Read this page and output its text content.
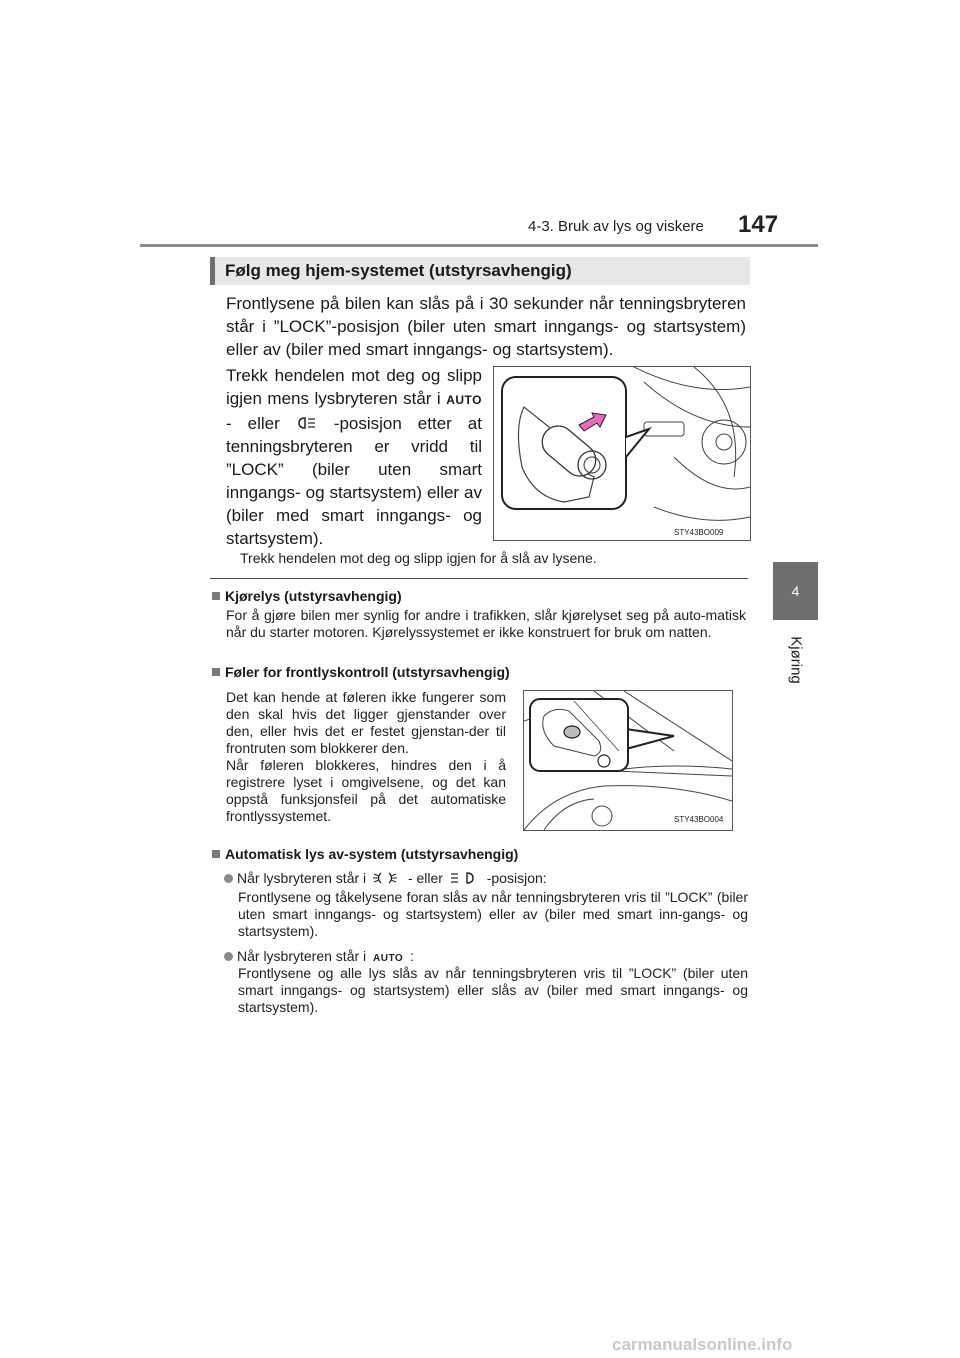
4-3. Bruk av lys og viskere 147
4
Kjøring
Følg meg hjem-systemet (utstyrsavhengig)
Frontlysene på bilen kan slås på i 30 sekunder når tenningsbryteren står i ”LOCK”-posisjon (biler uten smart inngangs- og startsystem) eller av (biler med smart inngangs- og startsystem).
Trekk hendelen mot deg og slipp igjen mens lysbryteren står i AUTO - eller	-posisjon etter at tenningsbryteren er vridd til ”LOCK” (biler uten smart inngangs- og startsystem) eller av (biler med smart inngangs- og startsystem).	STY43BO009
Trekk hendelen mot deg og slipp igjen for å slå av lysene.
Kjørelys (utstyrsavhengig)
For å gjøre bilen mer synlig for andre i trafikken, slår kjørelyset seg på auto-matisk når du starter motoren. Kjørelyssystemet er ikke konstruert for bruk om natten.
Føler for frontlyskontroll (utstyrsavhengig)
Det kan hende at føleren ikke fungerer som den skal hvis det ligger gjenstander over den, eller hvis det er festet gjenstan-der til frontruten som blokkerer den.
Når føleren blokkeres, hindres den i å registrere lyset i omgivelsene, og det kan oppstå funksjonsfeil på det automatiske frontlyssystemet.	STY43BO004
Automatisk lys av-system (utstyrsavhengig)
Når lysbryteren står i	- eller	-posisjon:
Frontlysene og tåkelysene foran slås av når tenningsbryteren vris til ”LOCK” (biler uten smart inngangs- og startsystem) eller av (biler med smart inn-gangs- og startsystem).
Når lysbryteren står i AUTO :
Frontlysene og alle lys slås av når tenningsbryteren vris til ”LOCK” (biler uten smart inngangs- og startsystem) eller slås av (biler med smart inngangs- og startsystem).
carmanualsonline.info
